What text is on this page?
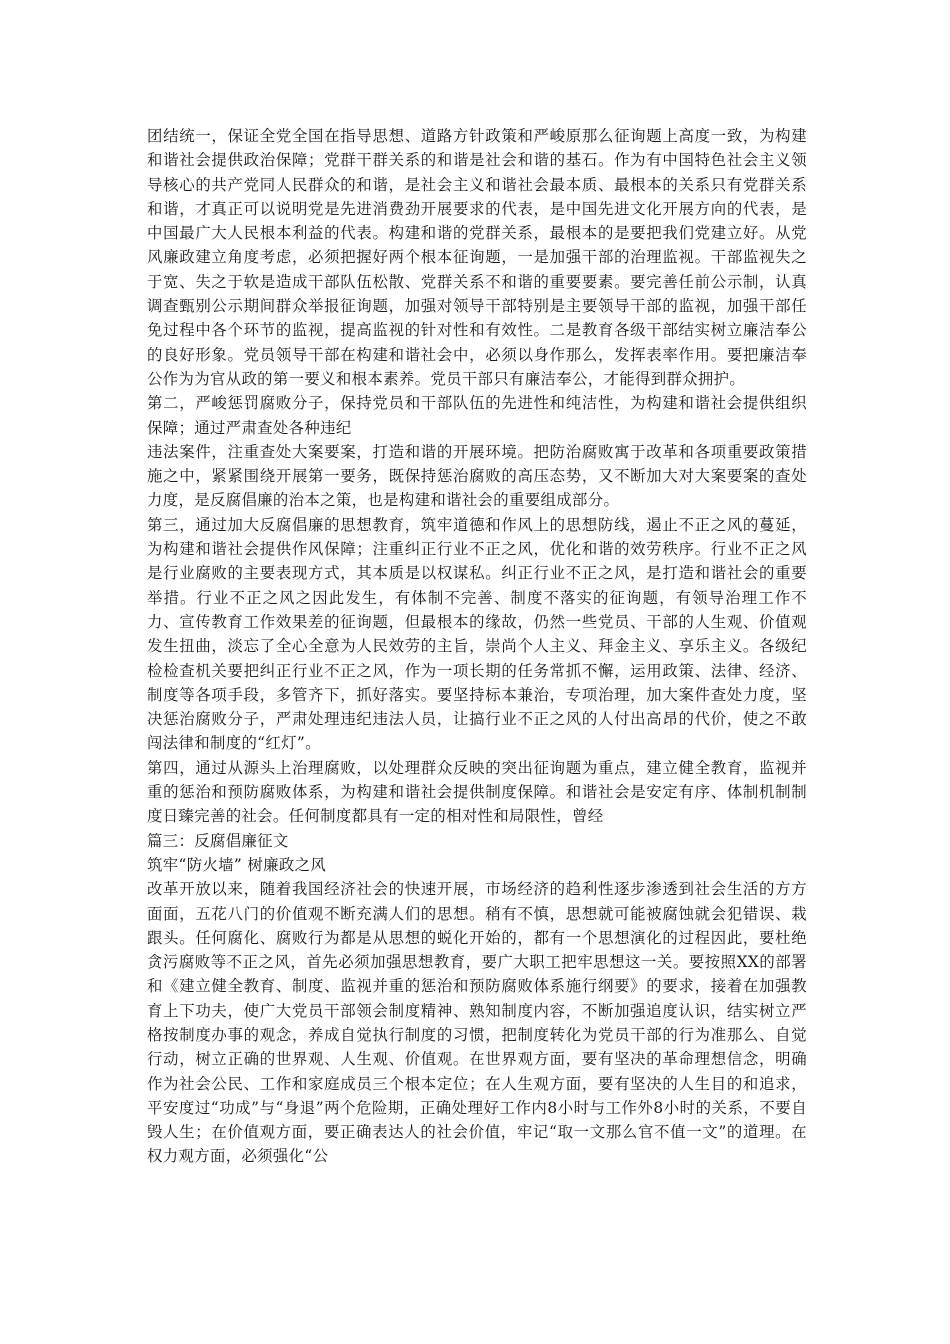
团结统一，保证全党全国在指导思想、道路方针政策和严峻原那么征询题上高度一致，为构建和谐社会提供政治保障；党群干群关系的和谐是社会和谐的基石。作为有中国特色社会主义领导核心的共产党同人民群众的和谐，是社会主义和谐社会最本质、最根本的关系只有党群关系和谐，才真正可以说明党是先进消费劲开展要求的代表，是中国先进文化开展方向的代表，是中国最广大人民根本利益的代表。构建和谐的党群关系，最根本的是要把我们党建立好。从党风廉政建立角度考虑，必须把握好两个根本征询题，一是加强干部的治理监视。干部监视失之于宽、失之于软是造成干部队伍松散、党群关系不和谐的重要要素。要完善任前公示制，认真调查甄别公示期间群众举报征询题，加强对领导干部特别是主要领导干部的监视，加强干部任免过程中各个环节的监视，提高监视的针对性和有效性。二是教育各级干部结实树立廉洁奉公的良好形象。党员领导干部在构建和谐社会中，必须以身作那么，发挥表率作用。要把廉洁奉公作为为官从政的第一要义和根本素养。党员干部只有廉洁奉公，才能得到群众拥护。

第二，严峻惩罚腐败分子，保持党员和干部队伍的先进性和纯洁性，为构建和谐社会提供组织保障；通过严肃查处各种违纪

违法案件，注重查处大案要案，打造和谐的开展环境。把防治腐败寓于改革和各项重要政策措施之中，紧紧围绕开展第一要务，既保持惩治腐败的高压态势，又不断加大对大案要案的查处力度，是反腐倡廉的治本之策，也是构建和谐社会的重要组成部分。

第三，通过加大反腐倡廉的思想教育，筑牢道德和作风上的思想防线，遏止不正之风的蔓延，为构建和谐社会提供作风保障；注重纠正行业不正之风，优化和谐的效劳秩序。行业不正之风是行业腐败的主要表现方式，其本质是以权谋私。纠正行业不正之风，是打造和谐社会的重要举措。行业不正之风之因此发生，有体制不完善、制度不落实的征询题，有领导治理工作不力、宣传教育工作效果差的征询题，但最根本的缘故，仍然一些党员、干部的人生观、价值观发生扭曲，淡忘了全心全意为人民效劳的主旨，崇尚个人主义、拜金主义、享乐主义。各级纪检检查机关要把纠正行业不正之风，作为一项长期的任务常抓不懈，运用政策、法律、经济、制度等各项手段，多管齐下，抓好落实。要坚持标本兼治，专项治理，加大案件查处力度，坚决惩治腐败分子，严肃处理违纪违法人员，让搞行业不正之风的人付出高昂的代价，使之不敢闯法律和制度的“红灯”。

第四，通过从源头上治理腐败，以处理群众反映的突出征询题为重点，建立健全教育，监视并重的惩治和预防腐败体系，为构建和谐社会提供制度保障。和谐社会是安定有序、体制机制制度日臻完善的社会。任何制度都具有一定的相对性和局限性，曾经

篇三：反腐倡廉征文

筑牢“防火墙” 树廉政之风

改革开放以来，随着我国经济社会的快速开展，市场经济的趋利性逐步渗透到社会生活的方方面面，五花八门的价值观不断充满人们的思想。稍有不慎，思想就可能被腐蚀就会犯错误、栽跟头。任何腐化、腐败行为都是从思想的蜕化开始的，都有一个思想演化的过程因此，要杜绝贪污腐败等不正之风，首先必须加强思想教育，要广大职工把牢思想这一关。要按照XX的部署和《建立健全教育、制度、监视并重的惩治和预防腐败体系施行纲要》的要求，接着在加强教育上下功夫，使广大党员干部领会制度精神、熟知制度内容，不断加强追度认识，结实树立严格按制度办事的观念，养成自觉执行制度的习惯，把制度转化为党员干部的行为准那么、自觉行动，树立正确的世界观、人生观、价值观。在世界观方面，要有坚决的革命理想信念，明确作为社会公民、工作和家庭成员三个根本定位；在人生观方面，要有坚决的人生目的和追求，平安度过“功成”与“身退”两个危险期，正确处理好工作内8小时与工作外8小时的关系，不要自毁人生；在价值观方面，要正确表达人的社会价值，牢记“取一文那么官不值一文”的道理。在权力观方面，必须强化“公
